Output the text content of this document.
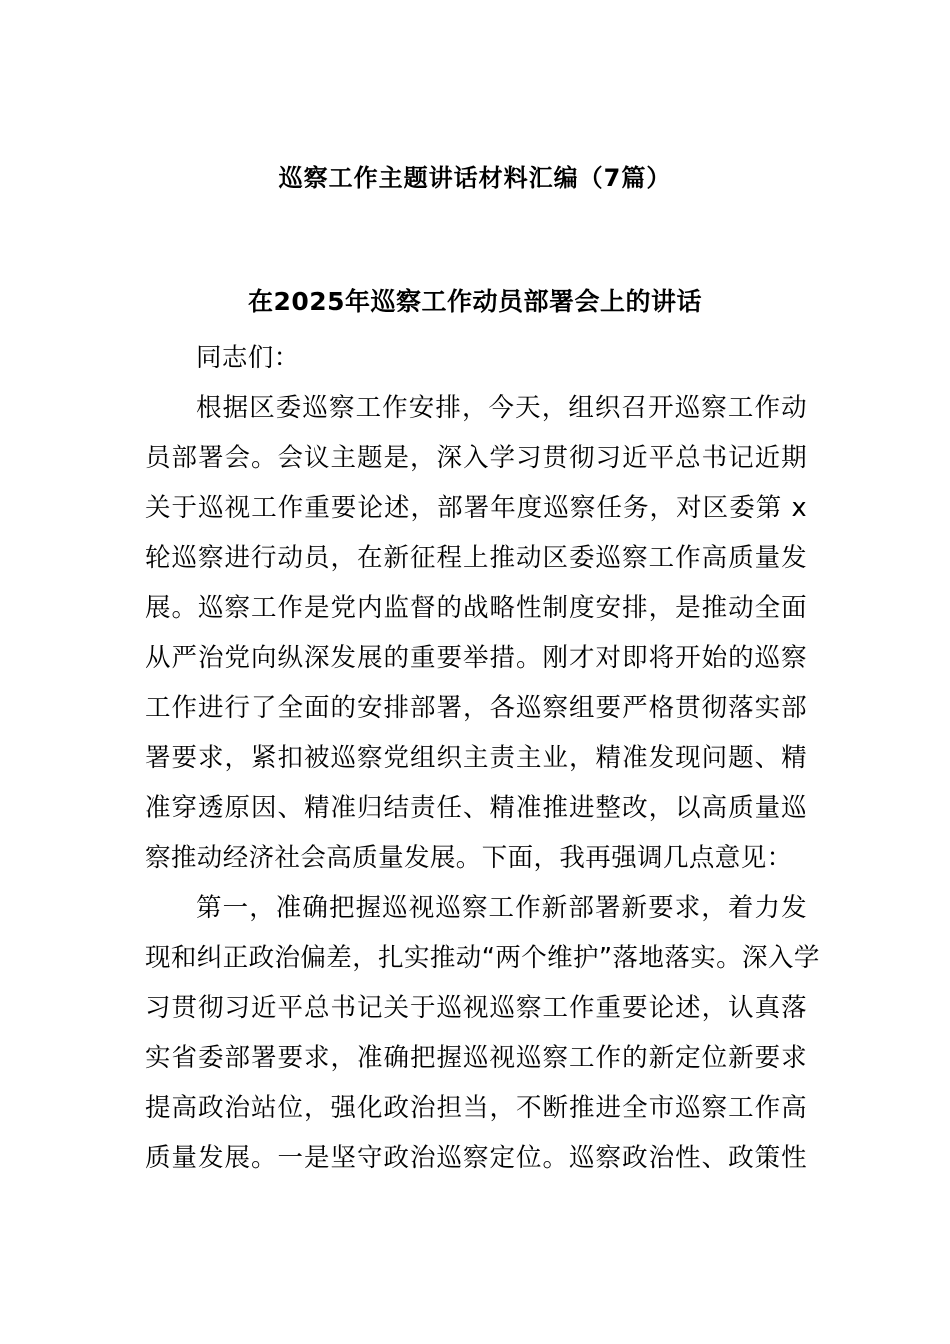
巡察工作主题讲话材料汇编（7篇）
在2025年巡察工作动员部署会上的讲话
同志们：
根据区委巡察工作安排，今天，组织召开巡察工作动
员部署会。会议主题是，深入学习贯彻习近平总书记近期
关于巡视工作重要论述，部署年度巡察任务，对区委第 x
轮巡察进行动员，在新征程上推动区委巡察工作高质量发
展。巡察工作是党内监督的战略性制度安排，是推动全面
从严治党向纵深发展的重要举措。刚才对即将开始的巡察
工作进行了全面的安排部署，各巡察组要严格贯彻落实部
署要求，紧扣被巡察党组织主责主业，精准发现问题、精
准穿透原因、精准归结责任、精准推进整改，以高质量巡
察推动经济社会高质量发展。下面，我再强调几点意见：
第一，准确把握巡视巡察工作新部署新要求，着力发
现和纠正政治偏差，扎实推动“两个维护”落地落实。深入学
习贯彻习近平总书记关于巡视巡察工作重要论述，认真落
实省委部署要求，准确把握巡视巡察工作的新定位新要求
提高政治站位，强化政治担当，不断推进全市巡察工作高
质量发展。一是坚守政治巡察定位。巡察政治性、政策性
